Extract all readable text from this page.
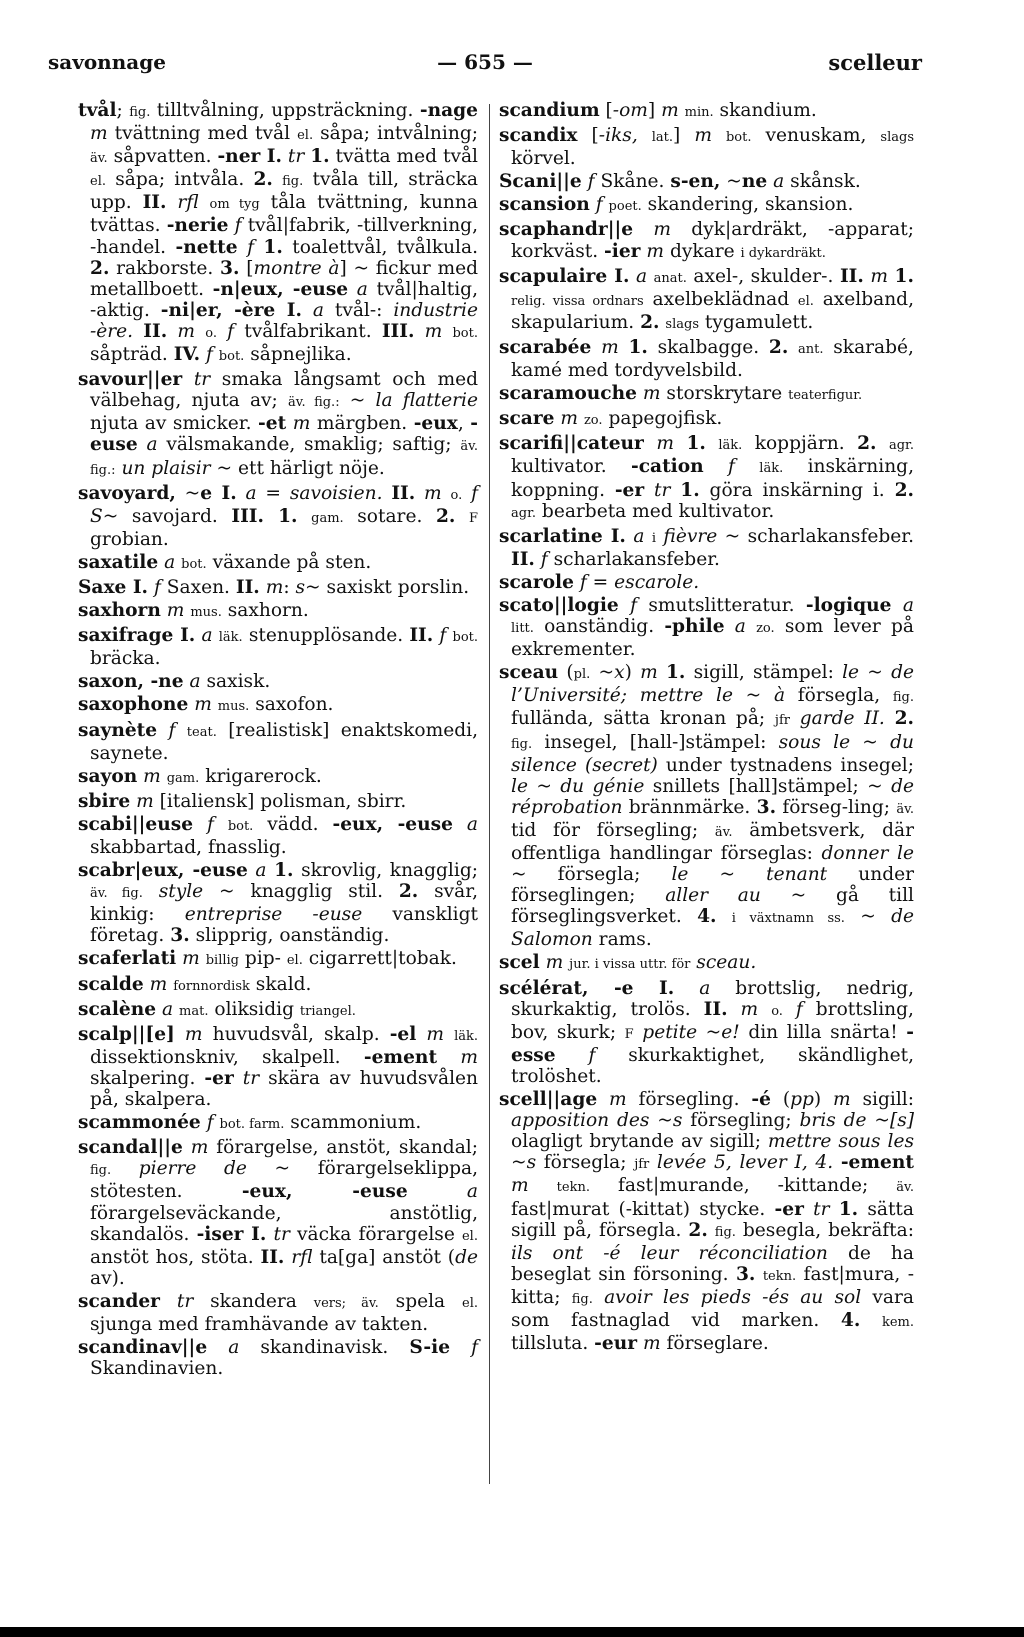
savonnage	— 655 —	scelleur
tvål; fig. tilltvålning, uppsträckning. -nage m tvättning med tvål el. såpa; intvålning; äv. såpvatten. -ner I. tr 1. tvätta med tvål el. såpa; intvåla. 2. fig. tvåla till, sträcka upp. II. rfl om tyg tåla tvättning, kunna tvättas. -nerie f tvål|fabrik, -tillverkning, -handel. -nette f 1. toalettvål, tvålkula. 2. rakborste. 3. [montre à] ~ fickur med metallboett. -n|eux, -euse a tvål|haltig, -aktig. -ni|er, -ère I. a tvål-: industrie -ère. II. m o. f tvålfabrikant. III. m bot. såpträd. IV. f bot. såpnejlika.
savour||er tr smaka långsamt och med välbehag, njuta av; äv. fig.: ~ la flatterie njuta av smicker. -et m märgben. -eux, -euse a välsmakande, smaklig; saftig; äv. fig.: un plaisir ~ ett härligt nöje.
savoyard, ~e I. a = savoisien. II. m o. f S~ savojard. III. 1. gam. sotare. 2. F grobian.
saxatile a bot. växande på sten.
Saxe I. f Saxen. II. m: s~ saxiskt porslin.
saxhorn m mus. saxhorn.
saxifrage I. a läk. stenupplösande. II. f bot. bräcka.
saxon, -ne a saxisk.
saxophone m mus. saxofon.
saynète f teat. [realistisk] enaktskomedi, saynete.
sayon m gam. krigarerock.
sbire m [italiensk] polisman, sbirr.
scabi||euse f bot. vädd. -eux, -euse a skabbartad, fnasslig.
scabr|eux, -euse a 1. skrovlig, knagglig; äv. fig. style ~ knagglig stil. 2. svår, kinkig: entreprise -euse vanskligt företag. 3. slipprig, oanständig.
scaferlati m billig pip- el. cigarrett|tobak.
scalde m fornnordisk skald.
scalène a mat. oliksidig triangel.
scalp||[e] m huvudsvål, skalp. -el m läk. dissektionskniv, skalpell. -ement m skalpering. -er tr skära av huvudsvålen på, skalpera.
scammonée f bot. farm. scammonium.
scandal||e m förargelse, anstöt, skandal; fig. pierre de ~ förargelseklippa, stötesten. -eux, -euse	a förargelseväckande, anstötlig, skandalös. -iser I. tr väcka förargelse el. anstöt hos, stöta. II. rfl ta[ga] anstöt (de av).
scander tr skandera vers; äv. spela el. sjunga med framhävande av takten.
scandinav||e a skandinavisk. S-ie f Skandinavien.
scandium [-om] m min. skandium.
scandix [-iks, lat.] m bot. venuskam, slags körvel.
Scani||e f Skåne. s-en, ~ne a skånsk.
scansion f poet. skandering, skansion.
scaphandr||e m dyk|ardräkt, -apparat; korkväst. -ier m dykare i dykardräkt.
scapulaire I. a anat. axel-, skulder-. II. m 1. relig. vissa ordnars axelbeklädnad el. axelband, skapularium. 2. slags tygamulett.
scarabée m 1. skalbagge. 2. ant. skarabé, kamé med tordyvelsbild.
scaramouche m storskrytare teaterfigur.
scare m zo. papegojfisk.
scarifi||cateur m 1. läk. koppjärn. 2. agr. kultivator. -cation f läk. inskärning, koppning. -er tr 1. göra inskärning i. 2. agr. bearbeta med kultivator.
scarlatine I. a i fièvre ~ scharlakansfeber. II. f scharlakansfeber.
scarole f = escarole.
scato||logie f smutslitteratur. -logique a litt. oanständig. -phile a zo. som lever på exkrementer.
sceau (pl. ~x) m 1. sigill, stämpel: le ~ de l’Université; mettre le ~ à försegla, fig. fullända, sätta kronan på; jfr garde II. 2. fig. insegel, [hall-]stämpel: sous le ~ du silence (secret) under tystnadens insegel; le ~ du génie snillets [hall]stämpel; ~ de réprobation brännmärke. 3. förseg-ling; äv. tid för försegling; äv. ämbetsverk, där offentliga handlingar förseglas: donner le ~ försegla; le ~ tenant under förseglingen; aller au ~ gå till förseglingsverket. 4. i växtnamn ss. ~ de Salomon rams.
scel m jur. i vissa uttr. för sceau.
scélérat, -e I. a brottslig, nedrig, skurkaktig, trolös. II. m o. f brottsling, bov, skurk; F petite ~e! din lilla snärta! -esse f skurkaktighet, skändlighet, trolöshet.
scell||age m försegling. -é (pp) m sigill: apposition des ~s försegling; bris de ~[s] olagligt brytande av sigill; mettre sous les ~s försegla; jfr levée 5, lever I, 4. -ement m tekn. fast|murande, -kittande; äv. fast|murat (-kittat) stycke. -er tr 1. sätta sigill på, försegla. 2. fig. besegla, bekräfta: ils ont -é leur réconciliation de ha beseglat sin försoning. 3. tekn. fast|mura, -kitta; fig. avoir les pieds -és au sol vara som fastnaglad vid marken. 4. kem. tillsluta. -eur m förseglare.
